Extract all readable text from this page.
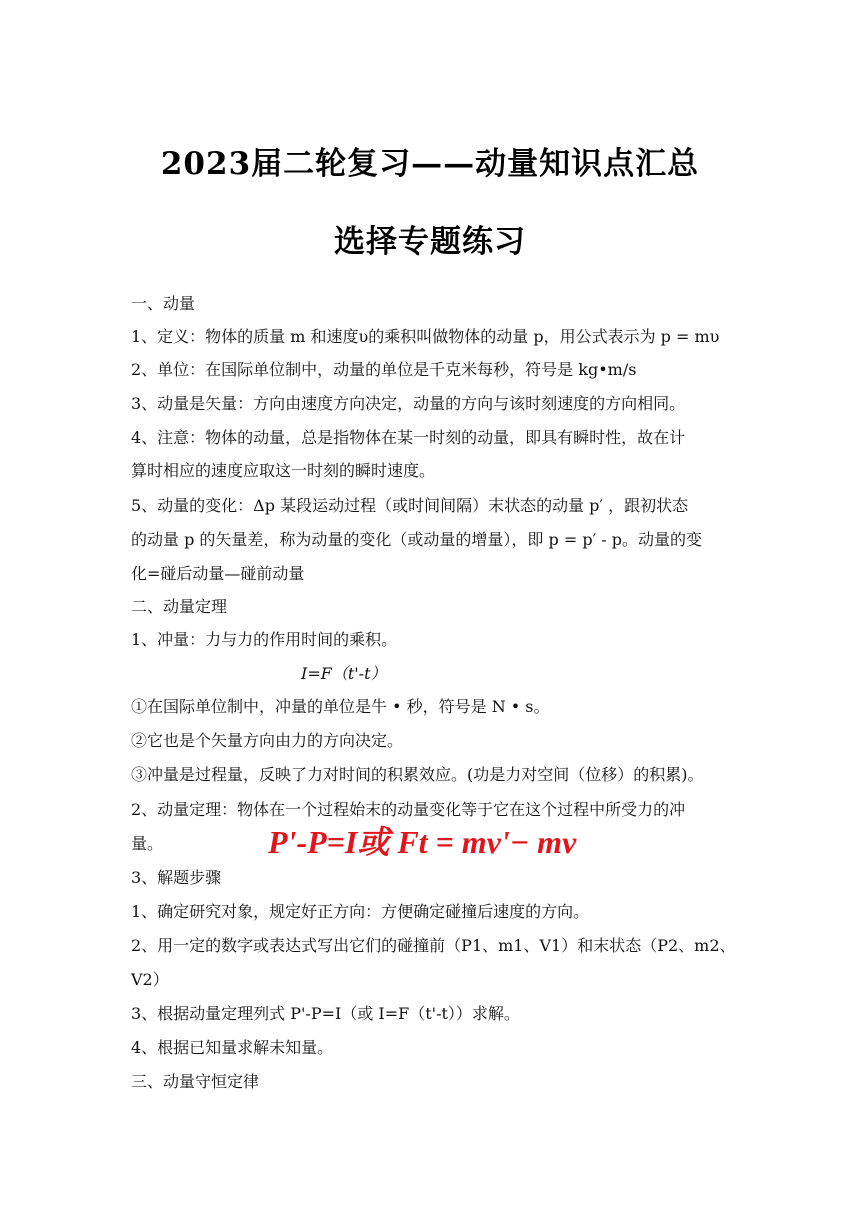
2023届二轮复习——动量知识点汇总
选择专题练习
一、动量
1、定义：物体的质量 m 和速度υ的乘积叫做物体的动量 p，用公式表示为 p = mυ
2、单位：在国际单位制中，动量的单位是千克米每秒，符号是 kg•m/s
3、动量是矢量：方向由速度方向决定，动量的方向与该时刻速度的方向相同。
4、注意：物体的动量，总是指物体在某一时刻的动量，即具有瞬时性，故在计
算时相应的速度应取这一时刻的瞬时速度。
5、动量的变化：Δp 某段运动过程（或时间间隔）末状态的动量 p′ ，跟初状态
的动量 p 的矢量差，称为动量的变化（或动量的增量），即 p = p′ - p。动量的变
化=碰后动量—碰前动量
二、动量定理
1、冲量：力与力的作用时间的乘积。
I=F（t'-t）
①在国际单位制中，冲量的单位是牛 • 秒，符号是 N • s。
②它也是个矢量方向由力的方向决定。
③冲量是过程量，反映了力对时间的积累效应。(功是力对空间（位移）的积累)。
2、动量定理：物体在一个过程始末的动量变化等于它在这个过程中所受力的冲
量。	P'-P=I或 Ft = mv'− mv
3、解题步骤
1、确定研究对象，规定好正方向：方便确定碰撞后速度的方向。
2、用一定的数字或表达式写出它们的碰撞前（P1、m1、V1）和末状态（P2、m2、
V2）
3、根据动量定理列式 P'-P=I（或 I=F（t'-t））求解。
4、根据已知量求解未知量。
三、动量守恒定律
